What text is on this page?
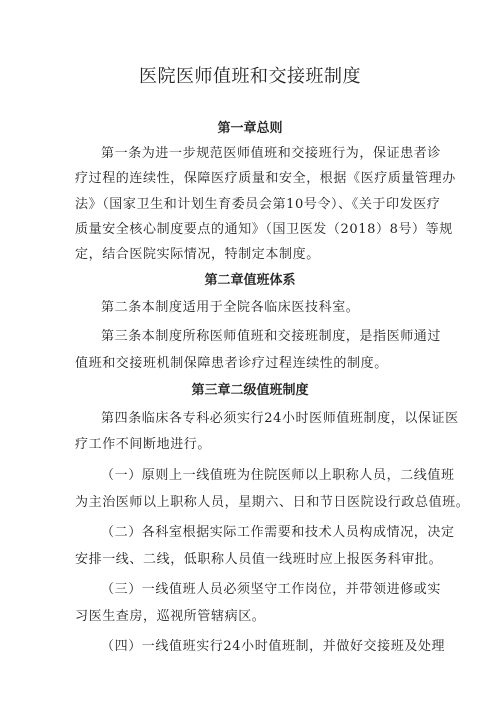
医院医师值班和交接班制度
第一章总则
第一条为进一步规范医师值班和交接班行为，保证患者诊
疗过程的连续性，保障医疗质量和安全，根据《医疗质量管理办
法》（国家卫生和计划生育委员会第10号令）、《关于印发医疗
质量安全核心制度要点的通知》（国卫医发（2018）8号）等规
定，结合医院实际情况，特制定本制度。
第二章值班体系
第二条本制度适用于全院各临床医技科室。
第三条本制度所称医师值班和交接班制度，是指医师通过
值班和交接班机制保障患者诊疗过程连续性的制度。
第三章二级值班制度
第四条临床各专科必须实行24小时医师值班制度，以保证医
疗工作不间断地进行。
（一）原则上一线值班为住院医师以上职称人员，二线值班
为主治医师以上职称人员，星期六、日和节日医院设行政总值班。
（二）各科室根据实际工作需要和技术人员构成情况，决定
安排一线、二线，低职称人员值一线班时应上报医务科审批。
（三）一线值班人员必须坚守工作岗位，并带领进修或实
习医生查房，巡视所管辖病区。
（四）一线值班实行24小时值班制，并做好交接班及处理
